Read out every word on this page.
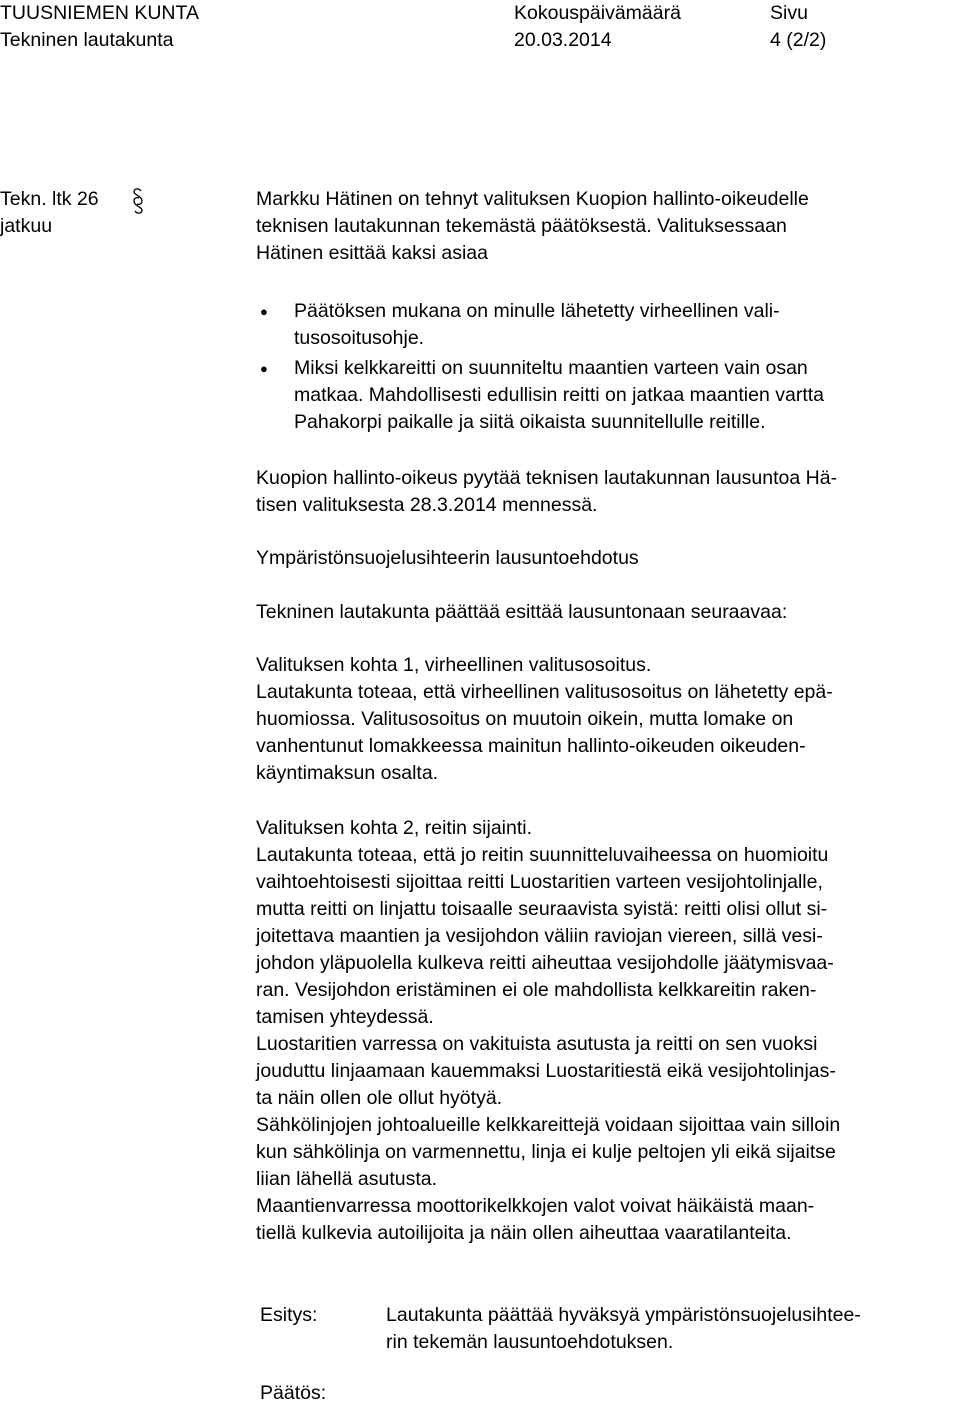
TUUSNIEMEN KUNTA
Tekninen lautakunta
Kokouspäivämäärä
20.03.2014
Sivu
4 (2/2)
Tekn. ltk 26
jatkuu
Markku Hätinen on tehnyt valituksen Kuopion hallinto-oikeudelle
teknisen lautakunnan tekemästä päätöksestä. Valituksessaan
Hätinen esittää kaksi asiaa
● Päätöksen mukana on minulle lähetetty virheellinen vali-
tusosoitusohje.
● Miksi kelkkareitti on suunniteltu maantien varteen vain osan
matkaa. Mahdollisesti edullisin reitti on jatkaa maantien vartta
Pahakorpi paikalle ja siitä oikaista suunnitellulle reitille.
Kuopion hallinto-oikeus pyytää teknisen lautakunnan lausuntoa Hä-
tisen valituksesta 28.3.2014 mennessä.
Ympäristönsuojelusihteerin lausuntoehdotus
Tekninen lautakunta päättää esittää lausuntonaan seuraavaa:
Valituksen kohta 1, virheellinen valitusosoitus.
Lautakunta toteaa, että virheellinen valitusosoitus on lähetetty epä-
huomiossa. Valitusosoitus on muutoin oikein, mutta lomake on
vanhentunut lomakkeessa mainitun hallinto-oikeuden oikeuden-
käyntimaksun osalta.
Valituksen kohta 2, reitin sijainti.
Lautakunta toteaa, että jo reitin suunnitteluvaiheessa on huomioitu
vaihtoehtoisesti sijoittaa reitti Luostaritien varteen vesijohtolinjalle,
mutta reitti on linjattu toisaalle seuraavista syistä: reitti olisi ollut si-
joitettava maantien ja vesijohdon väliin raviojan viereen, sillä vesi-
johdon yläpuolella kulkeva reitti aiheuttaa vesijohdolle jäätymisvaa-
ran. Vesijohdon eristäminen ei ole mahdollista kelkkareitin raken-
tamisen yhteydessä.
Luostaritien varressa on vakituista asutusta ja reitti on sen vuoksi
jouduttu linjaamaan kauemmaksi Luostaritiestä eikä vesijohtolinjas-
ta näin ollen ole ollut hyötyä.
Sähkölinjojen johtoalueille kelkkareittejä voidaan sijoittaa vain silloin
kun sähkölinja on varmennettu, linja ei kulje peltojen yli eikä sijaitse
liian lähellä asutusta.
Maantienvarressa moottorikelkkojen valot voivat häikäistä maan-
tiellä kulkevia autoilijoita ja näin ollen aiheuttaa vaaratilanteita.
Esitys:	Lautakunta päättää hyväksyä ympäristönsuojelusihtee-
rin tekemän lausuntoehdotuksen.
Päätös:
